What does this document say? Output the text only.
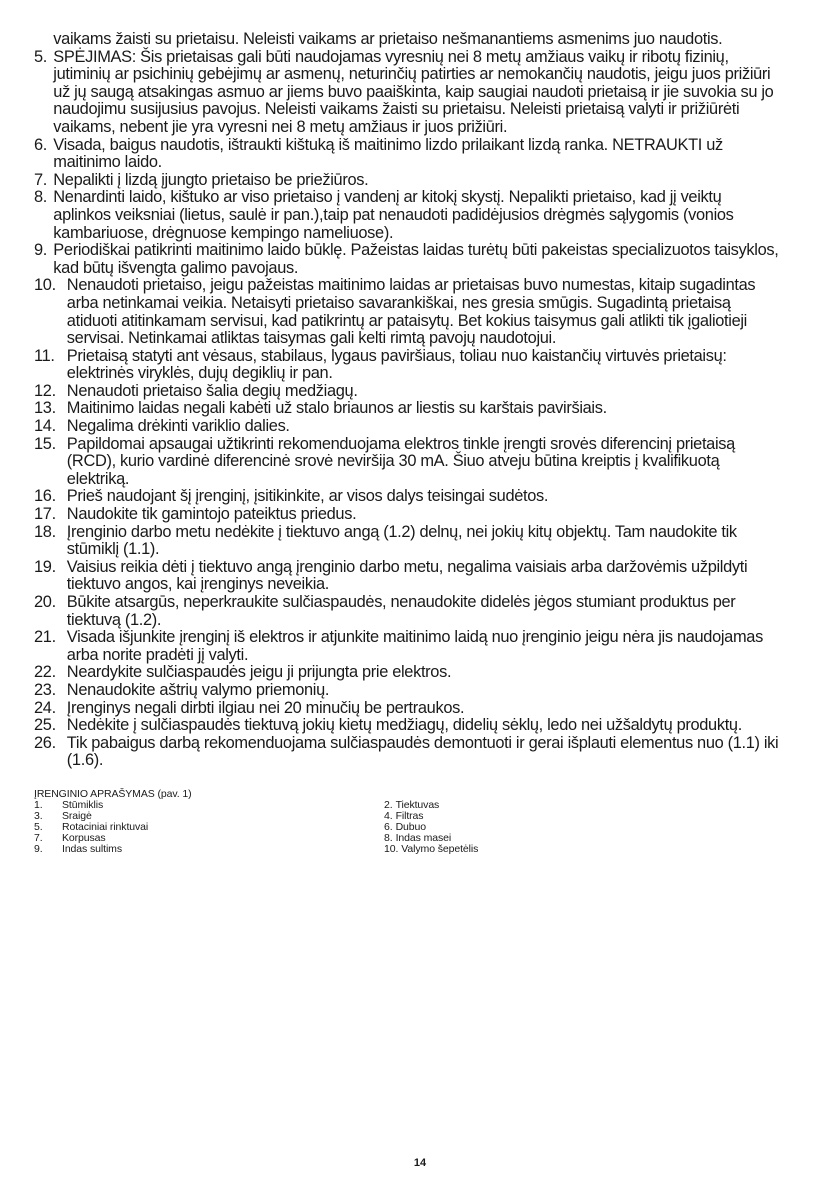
vaikams žaisti su prietaisu. Neleisti vaikams ar prietaiso nešmanantiems asmenims juo naudotis.

5. SPĖJIMAS: Šis prietaisas gali būti naudojamas vyresnių nei 8 metų amžiaus vaikų ir ribotų fizinių, jutiminių ar psichinių gebėjimų ar asmenų, neturinčių patirties ar nemokančių naudotis, jeigu juos prižiūri už jų saugą atsakingas asmuo ar jiems buvo paaiškinta, kaip saugiai naudoti prietaisą ir jie suvokia su jo naudojimu susijusius pavojus. Neleisti vaikams žaisti su prietaisu. Neleisti prietaisą valyti ir prižiūrėti vaikams, nebent jie yra vyresni nei 8 metų amžiaus ir juos prižiūri.

6. Visada, baigus naudotis, ištraukti kištuką iš maitinimo lizdo prilaikant lizdą ranka. NETRAUKTI už maitinimo laido.

7. Nepalikti į lizdą įjungto prietaiso be priežiūros.

8. Nenardinti laido, kištuko ar viso prietaiso į vandenį ar kitokį skystį. Nepalikti prietaiso, kad jį veiktų aplinkos veiksniai (lietus, saulė ir pan.),taip pat nenaudoti padidėjusios drėgmės sąlygomis (vonios kambariuose, drėgnuose kempingo nameliuose).

9. Periodiškai patikrinti maitinimo laido būklę. Pažeistas laidas turėtų būti pakeistas specializuotos taisyklos, kad būtų išvengta galimo pavojaus.

10. Nenaudoti prietaiso, jeigu pažeistas maitinimo laidas ar prietaisas buvo numestas, kitaip sugadintas arba netinkamai veikia. Netaisyti prietaiso savarankiškai, nes gresia smūgis. Sugadintą prietaisą atiduoti atitinkamam servisui, kad patikrintų ar pataisytų. Bet kokius taisymus gali atlikti tik įgaliotieji servisai. Netinkamai atliktas taisymas gali kelti rimtą pavojų naudotojui.

11. Prietaisą statyti ant vėsaus, stabilaus, lygaus paviršiaus, toliau nuo kaistančių virtuvės prietaisų: elektrinės viryklės, dujų degiklių ir pan.

12. Nenaudoti prietaiso šalia degių medžiagų.

13. Maitinimo laidas negali kabėti už stalo briaunos ar liestis su karštais paviršiais.

14. Negalima drėkinti variklio dalies.

15. Papildomai apsaugai užtikrinti rekomenduojama elektros tinkle įrengti srovės diferencinį prietaisą (RCD), kurio vardinė diferencinė srovė neviršija 30 mA. Šiuo atveju būtina kreiptis į kvalifikuotą elektriką.

16. Prieš naudojant šį įrenginį, įsitikinkite, ar visos dalys teisingai sudėtos.

17. Naudokite tik gamintojo pateiktus priedus.

18. Įrenginio darbo metu nedėkite į tiektuvo angą (1.2) delnų, nei jokių kitų objektų. Tam naudokite tik stūmiklį (1.1).

19. Vaisius reikia dėti į tiektuvo angą įrenginio darbo metu, negalima vaisiais arba daržovėmis užpildyti tiektuvo angos, kai įrenginys neveikia.

20. Būkite atsargūs, neperkraukite sulčiaspaudės, nenaudokite didelės jėgos stumiant produktus per tiektuvą (1.2).

21. Visada išjunkite įrenginį iš elektros ir atjunkite maitinimo laidą nuo įrenginio jeigu nėra jis naudojamas arba norite pradėti jį valyti.

22. Neardykite sulčiaspaudės jeigu ji prijungta prie elektros.

23. Nenaudokite aštrių valymo priemonių.

24. Įrenginys negali dirbti ilgiau nei 20 minučių be pertraukos.

25. Nedėkite į sulčiaspaudės tiektuvą jokių kietų medžiagų, didelių sėklų, ledo nei užšaldytų produktų.

26. Tik pabaigus darbą rekomenduojama sulčiaspaudės demontuoti ir gerai išplauti elementus nuo (1.1) iki (1.6).

ĮRENGINIO APRAŠYMAS (pav. 1)
1. Stūmiklis	2. Tiektuvas
3. Sraigė	4. Filtras
5. Rotaciniai rinktuvai	6. Dubuo
7. Korpusas	8. Indas masei
9. Indas sultims	10. Valymo šepetėlis
14
